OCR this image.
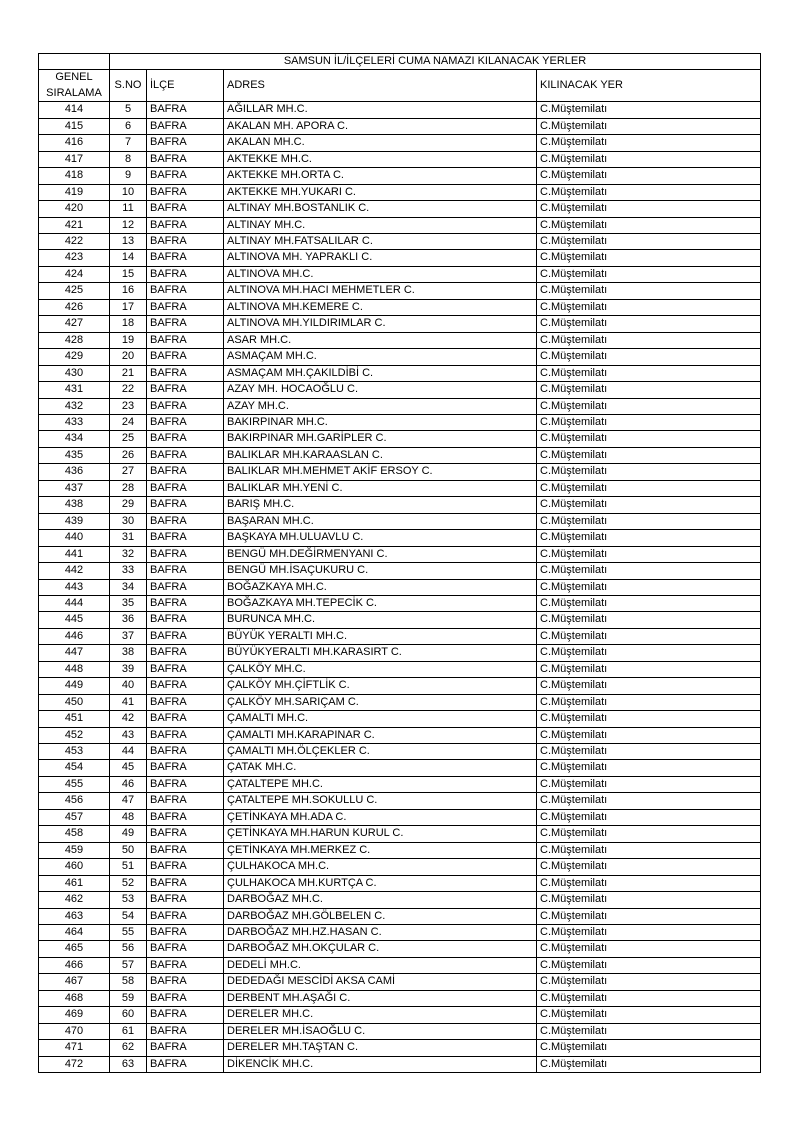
	SAMSUN İL/İLÇELERİ CUMA NAMAZI KILANACAK YERLER			
GENEL SIRALAMA	S.NO	İLÇE	ADRES	KILINACAK YER
414	5	BAFRA	AĞILLAR MH.C.	C.Müştemilatı
415	6	BAFRA	AKALAN MH. APORA C.	C.Müştemilatı
416	7	BAFRA	AKALAN MH.C.	C.Müştemilatı
417	8	BAFRA	AKTEKKE MH.C.	C.Müştemilatı
418	9	BAFRA	AKTEKKE MH.ORTA C.	C.Müştemilatı
419	10	BAFRA	AKTEKKE MH.YUKARI C.	C.Müştemilatı
420	11	BAFRA	ALTINAY MH.BOSTANLIK C.	C.Müştemilatı
421	12	BAFRA	ALTINAY MH.C.	C.Müştemilatı
422	13	BAFRA	ALTINAY MH.FATSALILAR C.	C.Müştemilatı
423	14	BAFRA	ALTINOVA MH. YAPRAKLI C.	C.Müştemilatı
424	15	BAFRA	ALTINOVA MH.C.	C.Müştemilatı
425	16	BAFRA	ALTINOVA MH.HACI MEHMETLER C.	C.Müştemilatı
426	17	BAFRA	ALTINOVA MH.KEMERE C.	C.Müştemilatı
427	18	BAFRA	ALTINOVA MH.YILDIRIMLAR C.	C.Müştemilatı
428	19	BAFRA	ASAR MH.C.	C.Müştemilatı
429	20	BAFRA	ASMAÇAM MH.C.	C.Müştemilatı
430	21	BAFRA	ASMAÇAM MH.ÇAKILDİBİ C.	C.Müştemilatı
431	22	BAFRA	AZAY MH. HOCAOĞLU C.	C.Müştemilatı
432	23	BAFRA	AZAY MH.C.	C.Müştemilatı
433	24	BAFRA	BAKIRPINAR MH.C.	C.Müştemilatı
434	25	BAFRA	BAKIRPINAR MH.GARİPLER C.	C.Müştemilatı
435	26	BAFRA	BALIKLAR MH.KARAASLAN C.	C.Müştemilatı
436	27	BAFRA	BALIKLAR MH.MEHMET AKİF ERSOY C.	C.Müştemilatı
437	28	BAFRA	BALIKLAR MH.YENİ C.	C.Müştemilatı
438	29	BAFRA	BARIŞ MH.C.	C.Müştemilatı
439	30	BAFRA	BAŞARAN MH.C.	C.Müştemilatı
440	31	BAFRA	BAŞKAYA MH.ULUAVLU C.	C.Müştemilatı
441	32	BAFRA	BENGÜ MH.DEĞİRMENYANI C.	C.Müştemilatı
442	33	BAFRA	BENGÜ MH.İSAÇUKURU C.	C.Müştemilatı
443	34	BAFRA	BOĞAZKAYA MH.C.	C.Müştemilatı
444	35	BAFRA	BOĞAZKAYA MH.TEPECİK C.	C.Müştemilatı
445	36	BAFRA	BURUNCA MH.C.	C.Müştemilatı
446	37	BAFRA	BÜYÜK YERALTI MH.C.	C.Müştemilatı
447	38	BAFRA	BÜYÜKYERALTI MH.KARASIRT C.	C.Müştemilatı
448	39	BAFRA	ÇALKÖY MH.C.	C.Müştemilatı
449	40	BAFRA	ÇALKÖY MH.ÇİFTLİK C.	C.Müştemilatı
450	41	BAFRA	ÇALKÖY MH.SARIÇAM C.	C.Müştemilatı
451	42	BAFRA	ÇAMALTI MH.C.	C.Müştemilatı
452	43	BAFRA	ÇAMALTI MH.KARAPINAR C.	C.Müştemilatı
453	44	BAFRA	ÇAMALTI MH.ÖLÇEKLER C.	C.Müştemilatı
454	45	BAFRA	ÇATAK MH.C.	C.Müştemilatı
455	46	BAFRA	ÇATALTEPE MH.C.	C.Müştemilatı
456	47	BAFRA	ÇATALTEPE MH.SOKULLU C.	C.Müştemilatı
457	48	BAFRA	ÇETİNKAYA MH.ADA C.	C.Müştemilatı
458	49	BAFRA	ÇETİNKAYA MH.HARUN KURUL C.	C.Müştemilatı
459	50	BAFRA	ÇETİNKAYA MH.MERKEZ C.	C.Müştemilatı
460	51	BAFRA	ÇULHAKOCA MH.C.	C.Müştemilatı
461	52	BAFRA	ÇULHAKOCA MH.KURTÇA C.	C.Müştemilatı
462	53	BAFRA	DARBOĞAZ MH.C.	C.Müştemilatı
463	54	BAFRA	DARBOĞAZ MH.GÖLBELEN C.	C.Müştemilatı
464	55	BAFRA	DARBOĞAZ MH.HZ.HASAN C.	C.Müştemilatı
465	56	BAFRA	DARBOĞAZ MH.OKÇULAR C.	C.Müştemilatı
466	57	BAFRA	DEDELİ MH.C.	C.Müştemilatı
467	58	BAFRA	DEDEDAĞI MESCİDİ AKSA CAMİ	C.Müştemilatı
468	59	BAFRA	DERBENT MH.AŞAĞI C.	C.Müştemilatı
469	60	BAFRA	DERELER MH.C.	C.Müştemilatı
470	61	BAFRA	DERELER MH.İSAOĞLU C.	C.Müştemilatı
471	62	BAFRA	DERELER MH.TAŞTAN C.	C.Müştemilatı
472	63	BAFRA	DİKENCİK MH.C.	C.Müştemilatı
